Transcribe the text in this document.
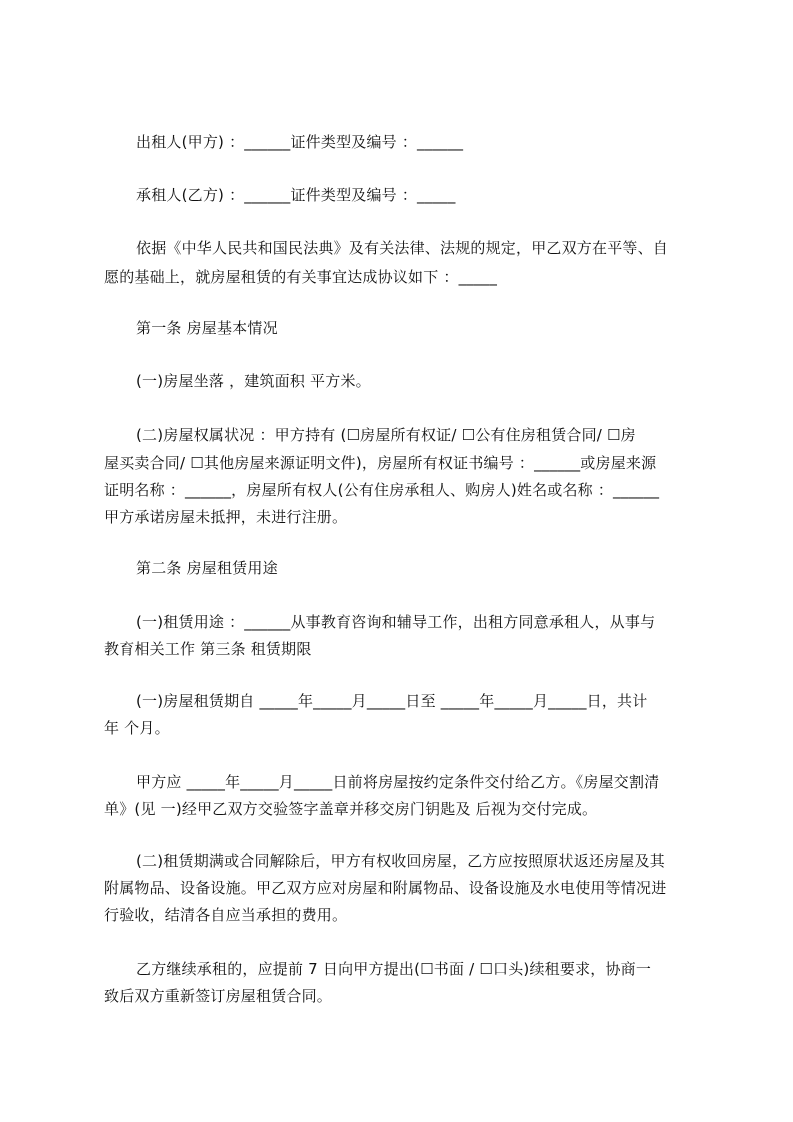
出租人(甲方) ：______证件类型及编号 ：______
承租人(乙方) ：______证件类型及编号 ：_____
依据《中华人民共和国民法典》及有关法律、法规的规定，甲乙双方在平等、自
愿的基础上，就房屋租赁的有关事宜达成协议如下 ：_____
第一条 房屋基本情况
(一)房屋坐落 ，建筑面积 平方米。
(二)房屋权属状况 ：甲方持有 (☐房屋所有权证/ ☐公有住房租赁合同/ ☐房
屋买卖合同/ ☐其他房屋来源证明文件)，房屋所有权证书编号 ：______或房屋来源
证明名称 ：______，房屋所有权人(公有住房承租人、购房人)姓名或名称 ：______
甲方承诺房屋未抵押，未进行注册。
第二条 房屋租赁用途
(一)租赁用途 ：______从事教育咨询和辅导工作，出租方同意承租人，从事与
教育相关工作 第三条 租赁期限
(一)房屋租赁期自 _____年_____月_____日至 _____年_____月_____日，共计
年 个月。
甲方应 _____年_____月_____日前将房屋按约定条件交付给乙方。《房屋交割清
单》(见 一)经甲乙双方交验签字盖章并移交房门钥匙及 后视为交付完成。
(二)租赁期满或合同解除后，甲方有权收回房屋，乙方应按照原状返还房屋及其
附属物品、设备设施。甲乙双方应对房屋和附属物品、设备设施及水电使用等情况进
行验收，结清各自应当承担的费用。
乙方继续承租的，应提前 7 日向甲方提出(☐书面 / ☐口头)续租要求，协商一
致后双方重新签订房屋租赁合同。
